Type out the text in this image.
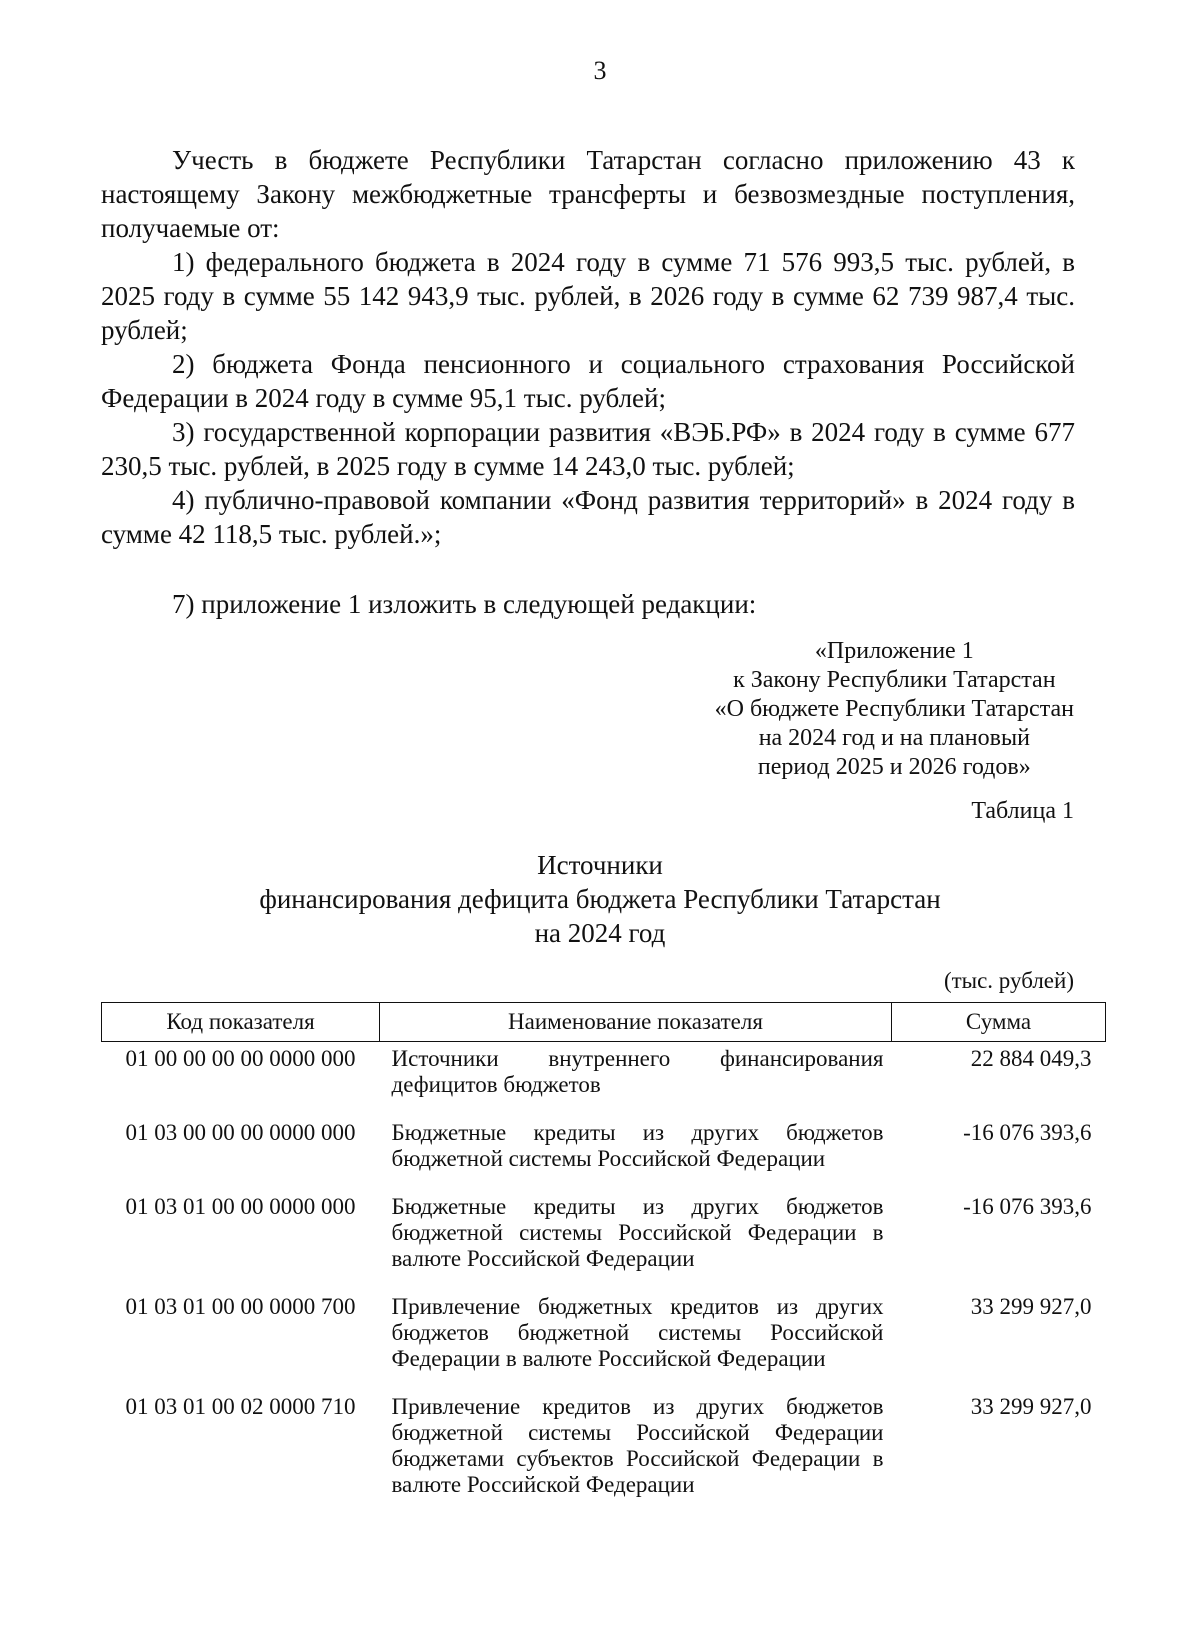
3

Учесть в бюджете Республики Татарстан согласно приложению 43 к настоящему Закону межбюджетные трансферты и безвозмездные поступления, получаемые от:

1) федерального бюджета в 2024 году в сумме 71 576 993,5 тыс. рублей, в 2025 году в сумме 55 142 943,9 тыс. рублей, в 2026 году в сумме 62 739 987,4 тыс. рублей;

2) бюджета Фонда пенсионного и социального страхования Российской Федерации в 2024 году в сумме 95,1 тыс. рублей;

3) государственной корпорации развития «ВЭБ.РФ» в 2024 году в сумме 677 230,5 тыс. рублей, в 2025 году в сумме 14 243,0 тыс. рублей;

4) публично-правовой компании «Фонд развития территорий» в 2024 году в сумме 42 118,5 тыс. рублей.»;

7) приложение 1 изложить в следующей редакции:

«Приложение 1
к Закону Республики Татарстан
«О бюджете Республики Татарстан
на 2024 год и на плановый
период 2025 и 2026 годов»
Таблица 1
Источники
финансирования дефицита бюджета Республики Татарстан
на 2024 год
(тыс. рублей)
Код показателя	Наименование показателя	Сумма
01 00 00 00 00 0000 000	Источники внутреннего финансирования дефицитов бюджетов	22 884 049,3
01 03 00 00 00 0000 000	Бюджетные кредиты из других бюджетов бюджетной системы Российской Федерации	-16 076 393,6
01 03 01 00 00 0000 000	Бюджетные кредиты из других бюджетов бюджетной системы Российской Федерации в валюте Российской Федерации	-16 076 393,6
01 03 01 00 00 0000 700	Привлечение бюджетных кредитов из других бюджетов бюджетной системы Российской Федерации в валюте Российской Федерации	33 299 927,0
01 03 01 00 02 0000 710	Привлечение кредитов из других бюджетов бюджетной системы Российской Федерации бюджетами субъектов Российской Федерации в валюте Российской Федерации	33 299 927,0
